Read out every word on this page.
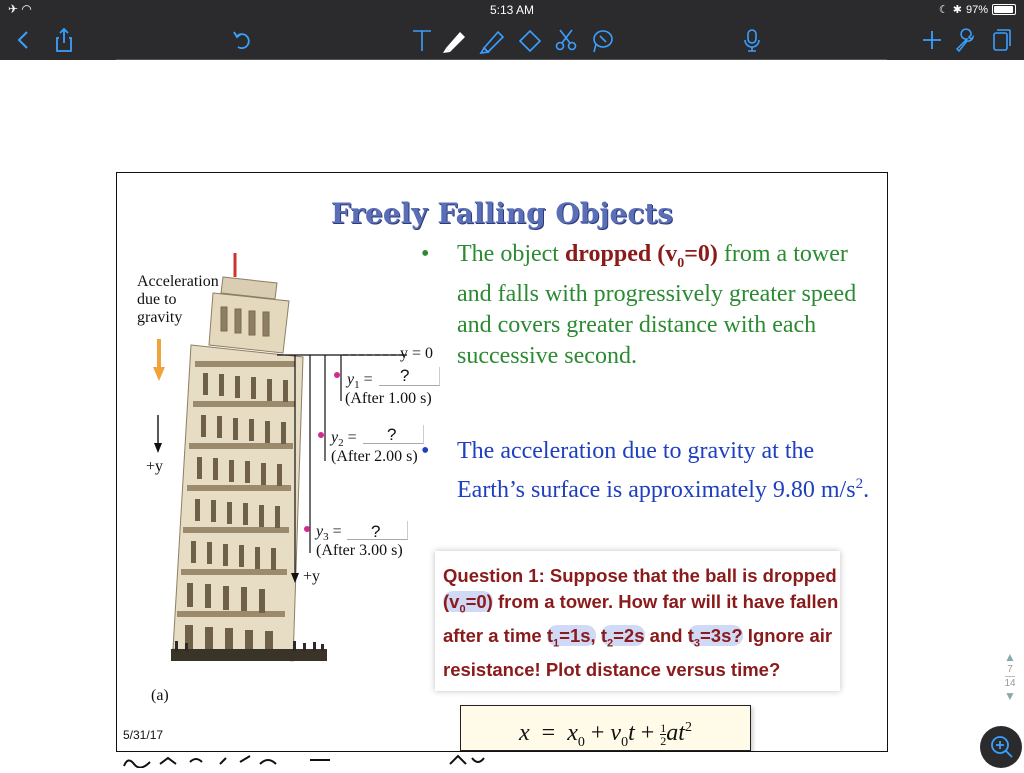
✈ ◠	5:13 AM	☾ ✱ 97%
Freely Falling Objects
• The object dropped $(v_0=0)$ from a tower and falls with progressively greater speed and covers greater distance with each successive second.
• The acceleration due to gravity at the Earth’s surface is approximately 9.80 $m/s^2$.
Acceleration
due to
gravity
+y
y = 0
$y_1$ = ?
(After 1.00 s)
$y_2$ = ?
(After 2.00 s)
$y_3$ = ?
(After 3.00 s)
+y
(a)
Question 1: Suppose that the ball is dropped $(v_0=0)$ from a tower. How far will it have fallen after a time $t_1=1s$, $t_2=2s$ and $t_3=3s$? Ignore air resistance! Plot distance versus time?
$x = x_0 + v_0t + \frac{1}{2} at^2$
5/31/17
▲
7
14
▼
